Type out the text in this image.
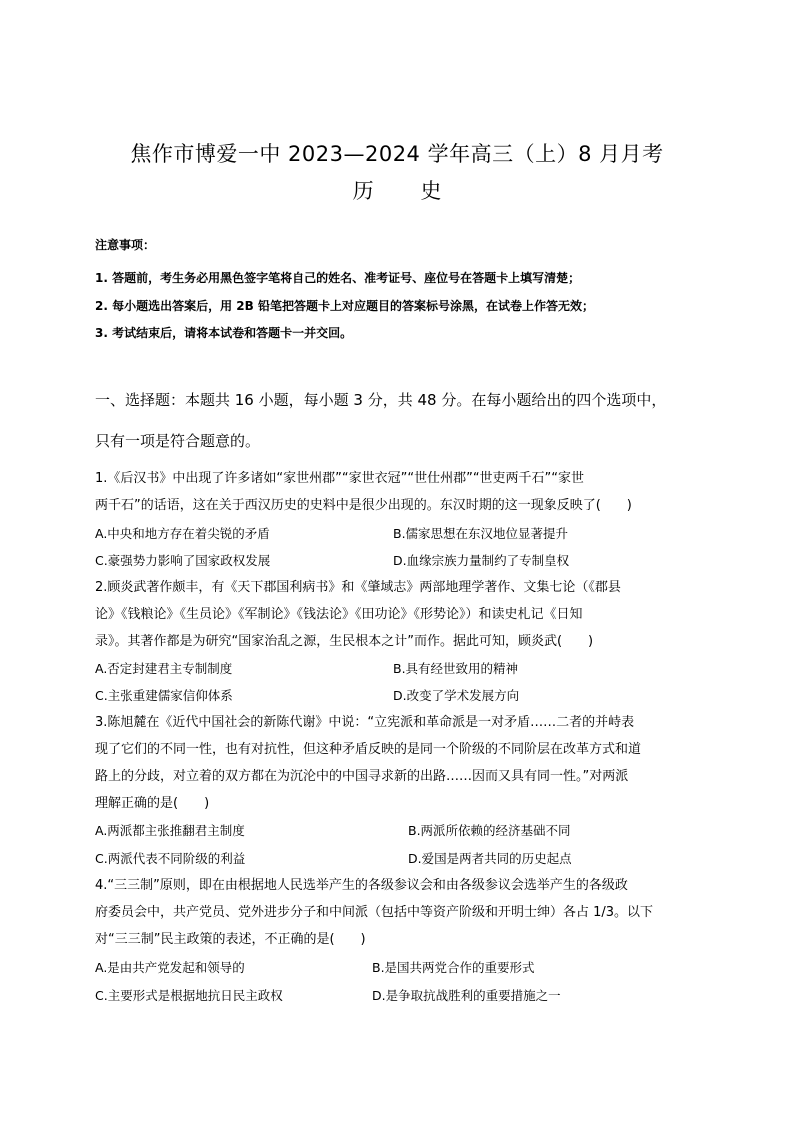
焦作市博爱一中 2023—2024 学年高三（上）8 月月考
历 史
注意事项：
1. 答题前，考生务必用黑色签字笔将自己的姓名、准考证号、座位号在答题卡上填写清楚；
2. 每小题选出答案后，用 2B 铅笔把答题卡上对应题目的答案标号涂黑，在试卷上作答无效；
3. 考试结束后，请将本试卷和答题卡一并交回。
一、选择题：本题共 16 小题，每小题 3 分，共 48 分。在每小题给出的四个选项中，
只有一项是符合题意的。
1.《后汉书》中出现了许多诸如“家世州郡”“家世衣冠”“世仕州郡”“世吏两千石”“家世
两千石”的话语，这在关于西汉历史的史料中是很少出现的。东汉时期的这一现象反映了(　　)
A.中央和地方存在着尖锐的矛盾	B.儒家思想在东汉地位显著提升
C.豪强势力影响了国家政权发展	D.血缘宗族力量制约了专制皇权
2.顾炎武著作颇丰，有《天下郡国利病书》和《肇域志》两部地理学著作、文集七论（《郡县
论》《钱粮论》《生员论》《军制论》《钱法论》《田功论》《形势论》）和读史札记《日知
录》。其著作都是为研究“国家治乱之源，生民根本之计”而作。据此可知，顾炎武(　　)
A.否定封建君主专制制度	B.具有经世致用的精神
C.主张重建儒家信仰体系	D.改变了学术发展方向
3.陈旭麓在《近代中国社会的新陈代谢》中说：“立宪派和革命派是一对矛盾……二者的并峙表
现了它们的不同一性，也有对抗性，但这种矛盾反映的是同一个阶级的不同阶层在改革方式和道
路上的分歧，对立着的双方都在为沉沦中的中国寻求新的出路……因而又具有同一性。”对两派
理解正确的是(　　)
A.两派都主张推翻君主制度	B.两派所依赖的经济基础不同
C.两派代表不同阶级的利益	D.爱国是两者共同的历史起点
4.“三三制”原则，即在由根据地人民选举产生的各级参议会和由各级参议会选举产生的各级政
府委员会中，共产党员、党外进步分子和中间派（包括中等资产阶级和开明士绅）各占 1/3。以下
对“三三制”民主政策的表述，不正确的是(　　)
A.是由共产党发起和领导的	B.是国共两党合作的重要形式
C.主要形式是根据地抗日民主政权	D.是争取抗战胜利的重要措施之一
